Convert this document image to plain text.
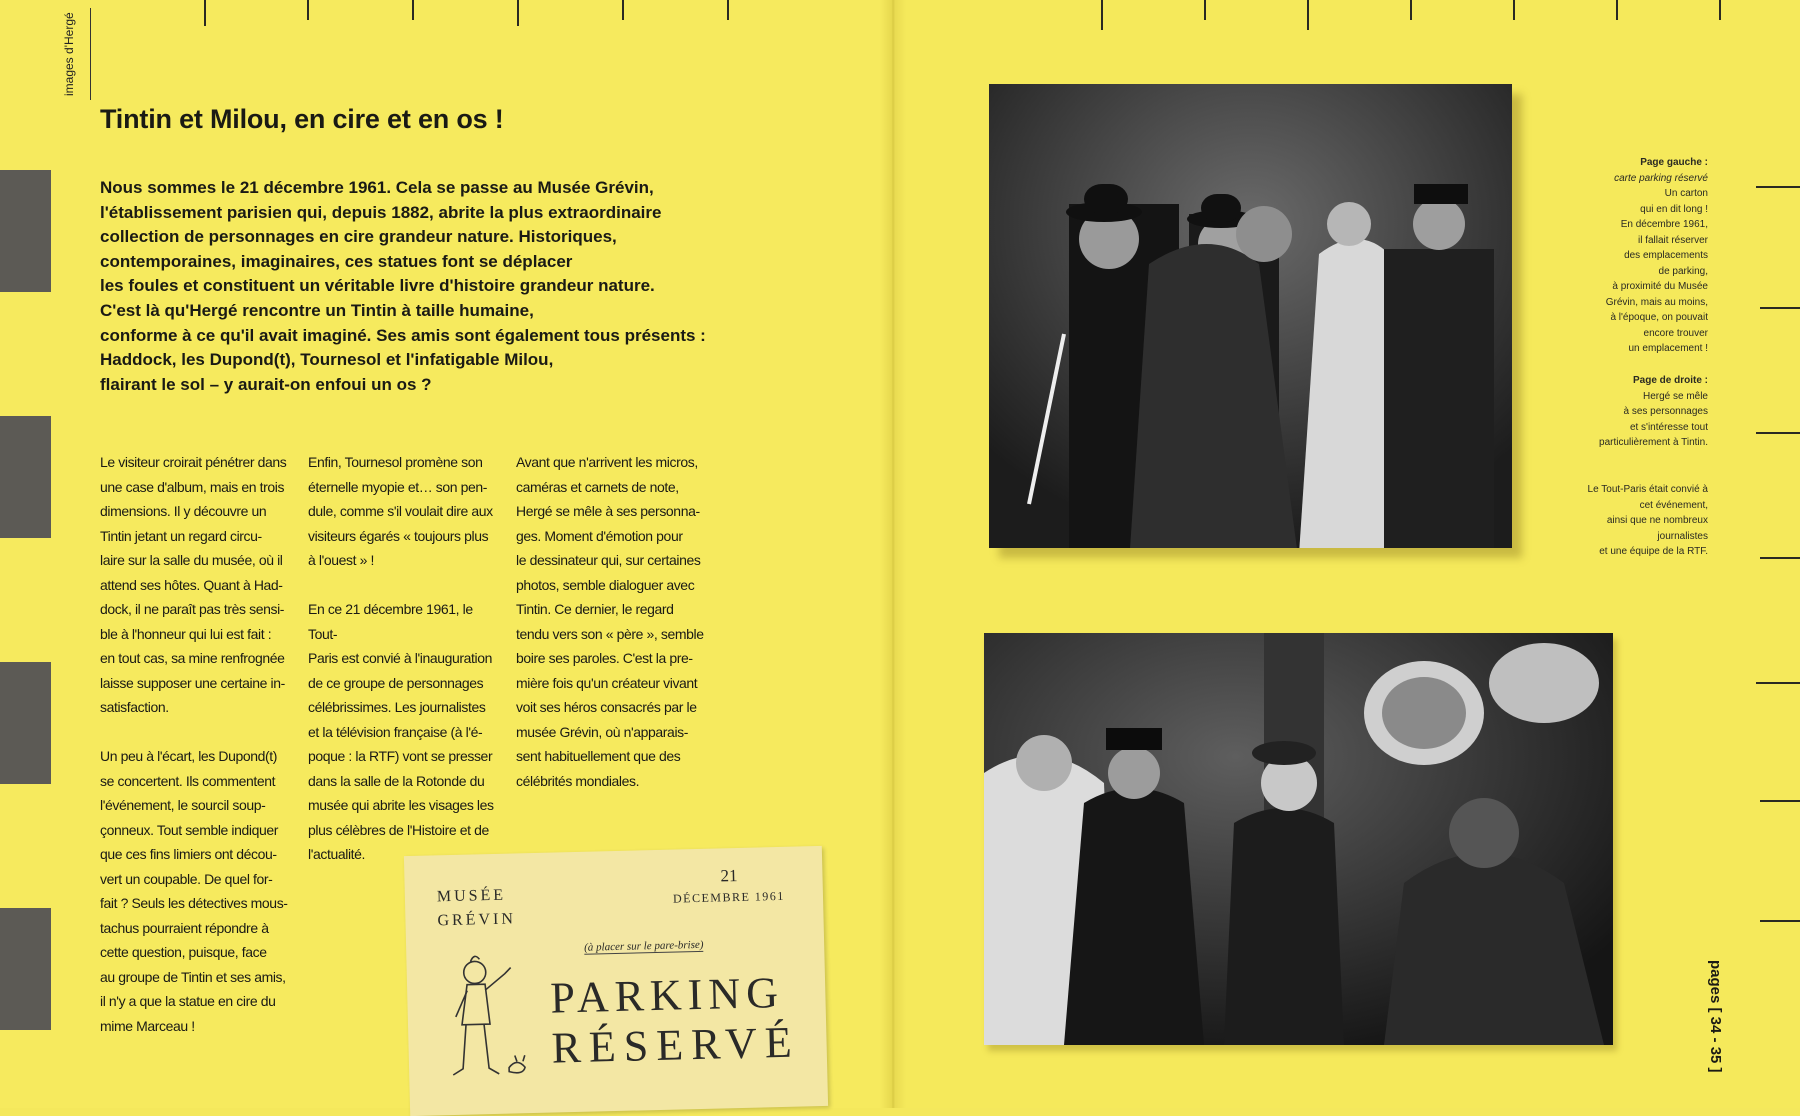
images d'Hergé
Tintin et Milou, en cire et en os !

Nous sommes le 21 décembre 1961. Cela se passe au Musée Grévin,
l'établissement parisien qui, depuis 1882, abrite la plus extraordinaire
collection de personnages en cire grandeur nature. Historiques,
contemporaines, imaginaires, ces statues font se déplacer
les foules et constituent un véritable livre d'histoire grandeur nature.
C'est là qu'Hergé rencontre un Tintin à taille humaine,
conforme à ce qu'il avait imaginé. Ses amis sont également tous présents :
Haddock, les Dupond(t), Tournesol et l'infatigable Milou,
flairant le sol – y aurait-on enfoui un os ?

Le visiteur croirait pénétrer dans
une case d'album, mais en trois
dimensions. Il y découvre un
Tintin jetant un regard circu-
laire sur la salle du musée, où il
attend ses hôtes. Quant à Had-
dock, il ne paraît pas très sensi-
ble à l'honneur qui lui est fait :
en tout cas, sa mine renfrognée
laisse supposer une certaine in-
satisfaction.
Un peu à l'écart, les Dupond(t)
se concertent. Ils commentent
l'événement, le sourcil soup-
çonneux. Tout semble indiquer
que ces fins limiers ont décou-
vert un coupable. De quel for-
fait ? Seuls les détectives mous-
tachus pourraient répondre à
cette question, puisque, face
au groupe de Tintin et ses amis,
il n'y a que la statue en cire du
mime Marceau !
Enfin, Tournesol promène son
éternelle myopie et… son pen-
dule, comme s'il voulait dire aux
visiteurs égarés « toujours plus
à l'ouest » !
En ce 21 décembre 1961, le Tout-
Paris est convié à l'inauguration
de ce groupe de personnages
célébrissimes. Les journalistes
et la télévision française (à l'é-
poque : la RTF) vont se presser
dans la salle de la Rotonde du
musée qui abrite les visages les
plus célèbres de l'Histoire et de
l'actualité.
Avant que n'arrivent les micros,
caméras et carnets de note,
Hergé se mêle à ses personna-
ges. Moment d'émotion pour
le dessinateur qui, sur certaines
photos, semble dialoguer avec
Tintin. Ce dernier, le regard
tendu vers son « père », semble
boire ses paroles. C'est la pre-
mière fois qu'un créateur vivant
voit ses héros consacrés par le
musée Grévin, où n'apparais-
sent habituellement que des
célébrités mondiales.
MUSÉE
GRÉVIN
21
DÉCEMBRE 1961
(à placer sur le pare-brise)
PARKING
RÉSERVÉ
Page gauche :
carte parking réservé
Un carton
qui en dit long !
En décembre 1961,
il fallait réserver
des emplacements
de parking,
à proximité du Musée
Grévin, mais au moins,
à l'époque, on pouvait
encore trouver
un emplacement !
Page de droite :
Hergé se mêle
à ses personnages
et s'intéresse tout
particulièrement à Tintin.
Le Tout-Paris était convié à
cet événement,
ainsi que ne nombreux
journalistes
et une équipe de la RTF.
pages [ 34 - 35 ]
